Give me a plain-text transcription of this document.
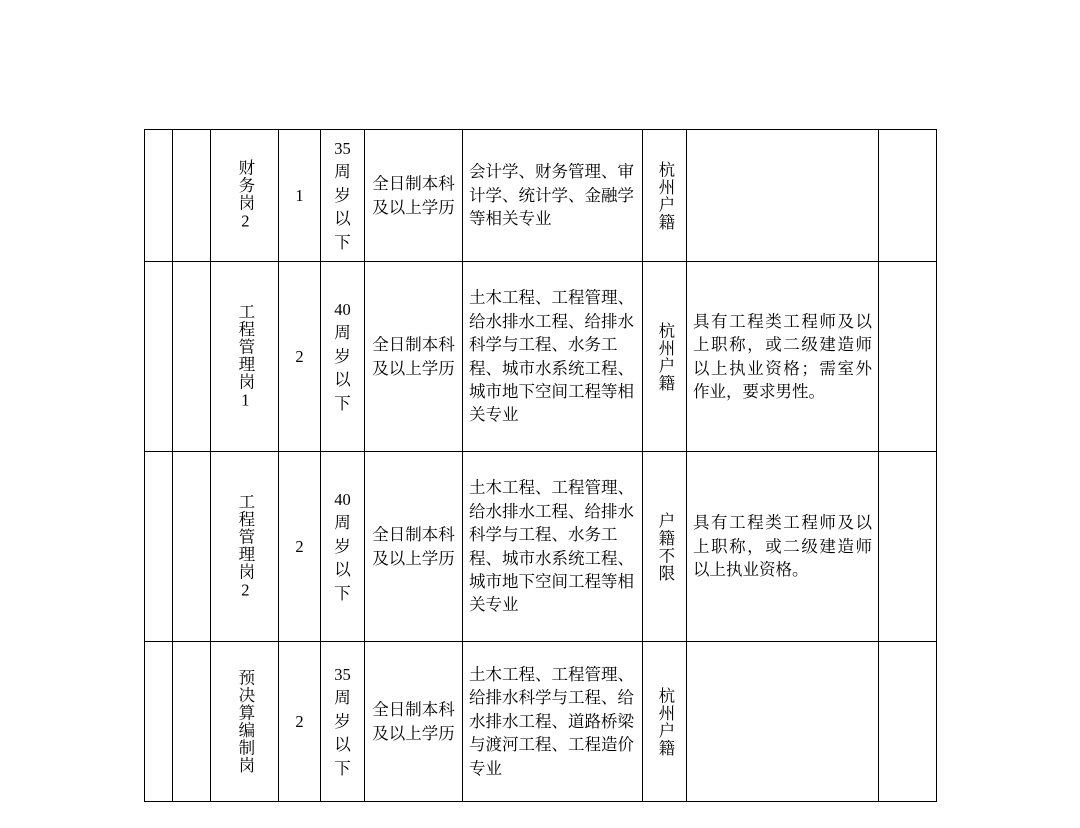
		财务岗2	1	35周岁以下	全日制本科及以上学历	会计学、财务管理、审计学、统计学、金融学等相关专业	杭州户籍		

		工程管理岗1	2	40周岁以下	全日制本科及以上学历	土木工程、工程管理、给水排水工程、给排水科学与工程、水务工程、城市水系统工程、城市地下空间工程等相关专业	杭州户籍	具有工程类工程师及以上职称，或二级建造师以上执业资格；需室外作业，要求男性。	

		工程管理岗2	2	40周岁以下	全日制本科及以上学历	土木工程、工程管理、给水排水工程、给排水科学与工程、水务工程、城市水系统工程、城市地下空间工程等相关专业	户籍不限	具有工程类工程师及以上职称，或二级建造师以上执业资格。	

		预决算编制岗	2	35周岁以下	全日制本科及以上学历	土木工程、工程管理、给排水科学与工程、给水排水工程、道路桥梁与渡河工程、工程造价专业	杭州户籍		
